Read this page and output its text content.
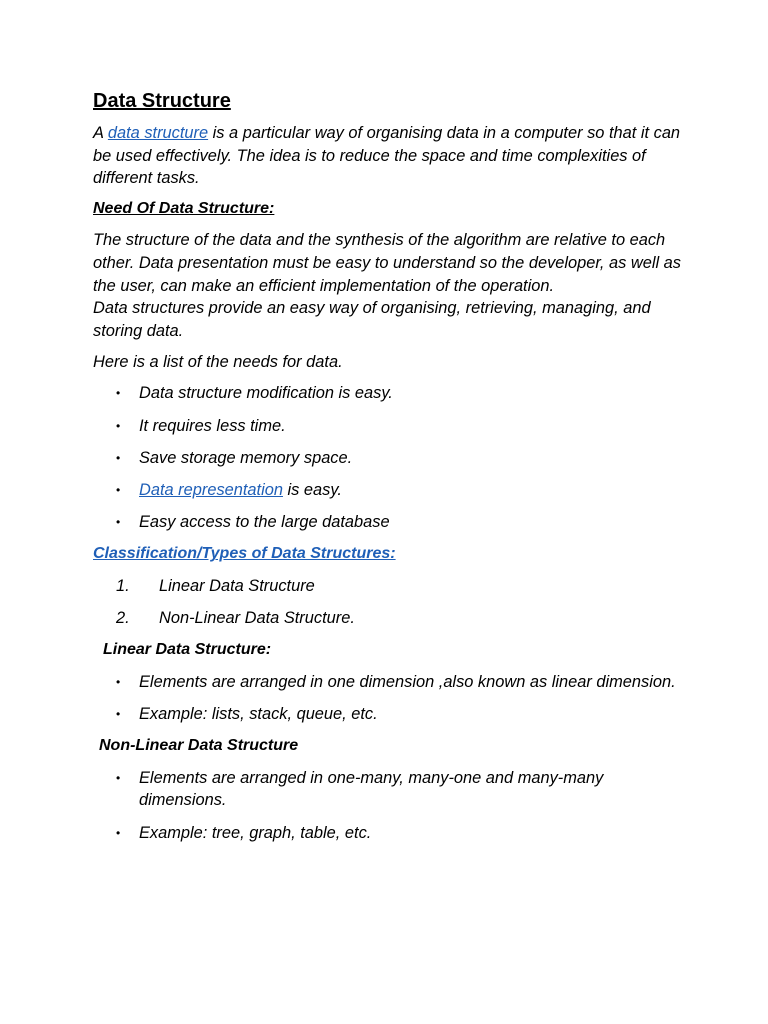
Data Structure

A data structure is a particular way of organising data in a computer so that it can be used effectively. The idea is to reduce the space and time complexities of different tasks.

Need Of Data Structure:

The structure of the data and the synthesis of the algorithm are relative to each other. Data presentation must be easy to understand so the developer, as well as the user, can make an efficient implementation of the operation.

Data structures provide an easy way of organising, retrieving, managing, and storing data.

Here is a list of the needs for data.

• Data structure modification is easy.
• It requires less time.
• Save storage memory space.
• Data representation is easy.
• Easy access to the large database
Classification/Types of Data Structures:
1. Linear Data Structure
2. Non-Linear Data Structure.
Linear Data Structure:
• Elements are arranged in one dimension ,also known as linear dimension.
• Example: lists, stack, queue, etc.
Non-Linear Data Structure
• Elements are arranged in one-many, many-one and many-many dimensions.
• Example: tree, graph, table, etc.
